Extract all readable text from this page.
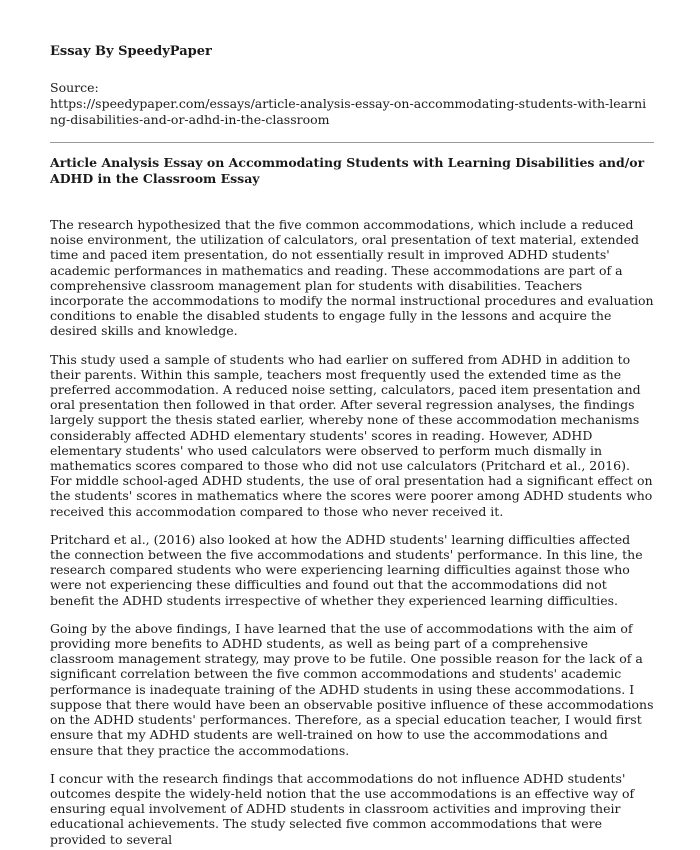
Essay By SpeedyPaper
Source:
https://speedypaper.com/essays/article-analysis-essay-on-accommodating-students-with-learning-disabilities-and-or-adhd-in-the-classroom
Article Analysis Essay on Accommodating Students with Learning Disabilities and/or ADHD in the Classroom Essay

The research hypothesized that the five common accommodations, which include a reduced noise environment, the utilization of calculators, oral presentation of text material, extended time and paced item presentation, do not essentially result in improved ADHD students' academic performances in mathematics and reading. These accommodations are part of a comprehensive classroom management plan for students with disabilities. Teachers incorporate the accommodations to modify the normal instructional procedures and evaluation conditions to enable the disabled students to engage fully in the lessons and acquire the desired skills and knowledge.

This study used a sample of students who had earlier on suffered from ADHD in addition to their parents. Within this sample, teachers most frequently used the extended time as the preferred accommodation. A reduced noise setting, calculators, paced item presentation and oral presentation then followed in that order. After several regression analyses, the findings largely support the thesis stated earlier, whereby none of these accommodation mechanisms considerably affected ADHD elementary students' scores in reading. However, ADHD elementary students' who used calculators were observed to perform much dismally in mathematics scores compared to those who did not use calculators (Pritchard et al., 2016). For middle school-aged ADHD students, the use of oral presentation had a significant effect on the students' scores in mathematics where the scores were poorer among ADHD students who received this accommodation compared to those who never received it.

Pritchard et al., (2016) also looked at how the ADHD students' learning difficulties affected the connection between the five accommodations and students' performance. In this line, the research compared students who were experiencing learning difficulties against those who were not experiencing these difficulties and found out that the accommodations did not benefit the ADHD students irrespective of whether they experienced learning difficulties.

Going by the above findings, I have learned that the use of accommodations with the aim of providing more benefits to ADHD students, as well as being part of a comprehensive classroom management strategy, may prove to be futile. One possible reason for the lack of a significant correlation between the five common accommodations and students' academic performance is inadequate training of the ADHD students in using these accommodations. I suppose that there would have been an observable positive influence of these accommodations on the ADHD students' performances. Therefore, as a special education teacher, I would first ensure that my ADHD students are well-trained on how to use the accommodations and ensure that they practice the accommodations.

I concur with the research findings that accommodations do not influence ADHD students' outcomes despite the widely-held notion that the use accommodations is an effective way of ensuring equal involvement of ADHD students in classroom activities and improving their educational achievements. The study selected five common accommodations that were provided to several
